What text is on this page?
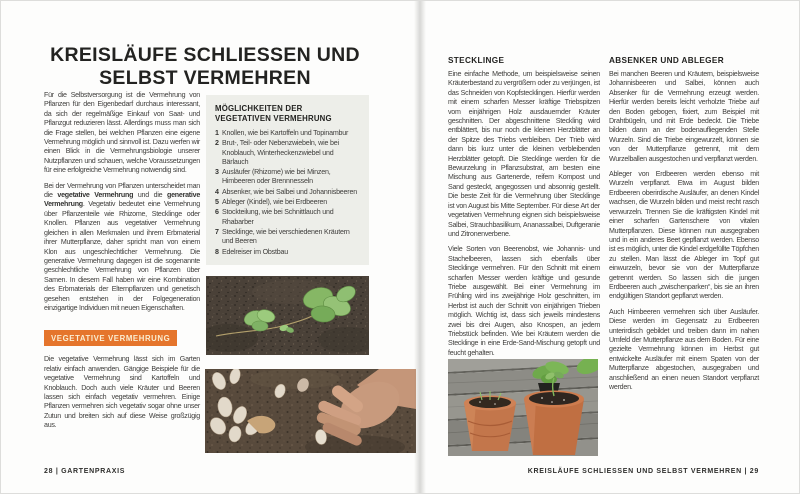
KREISLÄUFE SCHLIESSEN UND
SELBST VERMEHREN

Für die Selbstversorgung ist die Vermehrung von Pflanzen für den Eigenbedarf durchaus interessant, da sich der regelmäßige Einkauf von Saat- und Pflanzgut reduzieren lässt. Allerdings muss man sich die Frage stellen, bei welchen Pflanzen eine eigene Vermehrung möglich und sinnvoll ist. Dazu werfen wir einen Blick in die Vermehrungsbiologie unserer Nutzpflanzen und schauen, welche Voraussetzungen für eine erfolgreiche Vermehrung notwendig sind.

Bei der Vermehrung von Pflanzen unterscheidet man die vegetative Vermehrung und die generative Vermehrung. Vegetativ bedeutet eine Vermehrung über Pflanzenteile wie Rhizome, Stecklinge oder Knollen. Pflanzen aus vegetativer Vermehrung gleichen in allen Merkmalen und ihrem Erbmaterial ihrer Mutterpflanze, daher spricht man von einem Klon aus ungeschlechtlicher Vermehrung. Die generative Vermehrung dagegen ist die sogenannte geschlechtliche Vermehrung von Pflanzen über Samen. In diesem Fall haben wir eine Kombination des Erbmaterials der Elternpflanzen und genetisch gesehen entstehen in der Folgegeneration einzigartige Individuen mit neuen Eigenschaften.

VEGETATIVE VERMEHRUNG

Die vegetative Vermehrung lässt sich im Garten relativ einfach anwenden. Gängige Beispiele für die vegetative Vermehrung sind Kartoffeln und Knoblauch. Doch auch viele Kräuter und Beeren lassen sich einfach vegetativ vermehren. Einige Pflanzen vermehren sich vegetativ sogar ohne unser Zutun und breiten sich auf diese Weise großzügig aus.

MÖGLICHKEITEN DER VEGETATIVEN VERMEHRUNG
1 Knollen, wie bei Kartoffeln und Topinambur
2 Brut-, Teil- oder Nebenzwiebeln, wie bei Knoblauch, Winterheckenzwiebel und Bärlauch
3 Ausläufer (Rhizome) wie bei Minzen, Himbeeren oder Brennnesseln
4 Absenker, wie bei Salbei und Johannisbeeren
5 Ableger (Kindel), wie bei Erdbeeren
6 Stockteilung, wie bei Schnittlauch und Rhabarber
7 Stecklinge, wie bei verschiedenen Kräutern und Beeren
8 Edelreiser im Obstbau
28 | GARTENPRAXIS
STECKLINGE

Eine einfache Methode, um beispielsweise seinen Kräuterbestand zu vergrößern oder zu verjüngen, ist das Schneiden von Kopfstecklingen. Hierfür werden mit einem scharfen Messer kräftige Triebspitzen vom einjährigen Holz ausdauernder Kräuter geschnitten. Der abgeschnittene Steckling wird entblättert, bis nur noch die kleinen Herzblätter an der Spitze des Triebs verbleiben. Der Trieb wird dann bis kurz unter die kleinen verbleibenden Herzblätter getopft. Die Stecklinge werden für die Bewurzelung in Pflanzsubstrat, am besten eine Mischung aus Gartenerde, reifem Kompost und Sand gesteckt, angegossen und absonnig gestellt. Die beste Zeit für die Vermehrung über Stecklinge ist von August bis Mitte September. Für diese Art der vegetativen Vermehrung eignen sich beispielsweise Salbei, Strauchbasilikum, Ananassalbei, Duftgeranie und Zitronenverbene.

Viele Sorten von Beerenobst, wie Johannis- und Stachelbeeren, lassen sich ebenfalls über Stecklinge vermehren. Für den Schnitt mit einem scharfen Messer werden kräftige und gesunde Triebe ausgewählt. Bei einer Vermehrung im Frühling wird ins zweijährige Holz geschnitten, im Herbst ist auch der Schnitt von einjährigen Trieben möglich. Wichtig ist, dass sich jeweils mindestens zwei bis drei Augen, also Knospen, an jedem Triebstück befinden. Wie bei Kräutern werden die Stecklinge in eine Erde-Sand-Mischung getopft und feucht gehalten.

ABSENKER UND ABLEGER

Bei manchen Beeren und Kräutern, beispielsweise Johannisbeeren und Salbei, können auch Absenker für die Vermehrung erzeugt werden. Hierfür werden bereits leicht verholzte Triebe auf den Boden gebogen, fixiert, zum Beispiel mit Drahtbügeln, und mit Erde bedeckt. Die Triebe bilden dann an der bodenaufliegenden Stelle Wurzeln. Sind die Triebe eingewurzelt, können sie von der Mutterpflanze getrennt, mit dem Wurzelballen ausgestochen und verpflanzt werden.

Ableger von Erdbeeren werden ebenso mit Wurzeln verpflanzt. Etwa im August bilden Erdbeeren oberirdische Ausläufer, an denen Kindel wachsen, die Wurzeln bilden und meist recht rasch verwurzeln. Trennen Sie die kräftigsten Kindel mit einer scharfen Gartenschere von vitalen Mutterpflanzen. Diese können nun ausgegraben und in ein anderes Beet gepflanzt werden. Ebenso ist es möglich, unter die Kindel erdgefüllte Töpfchen zu stellen. Man lässt die Ableger im Topf gut einwurzeln, bevor sie von der Mutterpflanze getrennt werden. So lassen sich die jungen Erdbeeren auch „zwischenparken“, bis sie an ihren endgültigen Standort gepflanzt werden.

Auch Himbeeren vermehren sich über Ausläufer. Diese werden im Gegensatz zu Erdbeeren unterirdisch gebildet und treiben dann im nahen Umfeld der Mutterpflanze aus dem Boden. Für eine gezielte Vermehrung können im Herbst gut entwickelte Ausläufer mit einem Spaten von der Mutterpflanze abgestochen, ausgegraben und anschließend an einen neuen Standort verpflanzt werden.

KREISLÄUFE SCHLIESSEN UND SELBST VERMEHREN | 29
